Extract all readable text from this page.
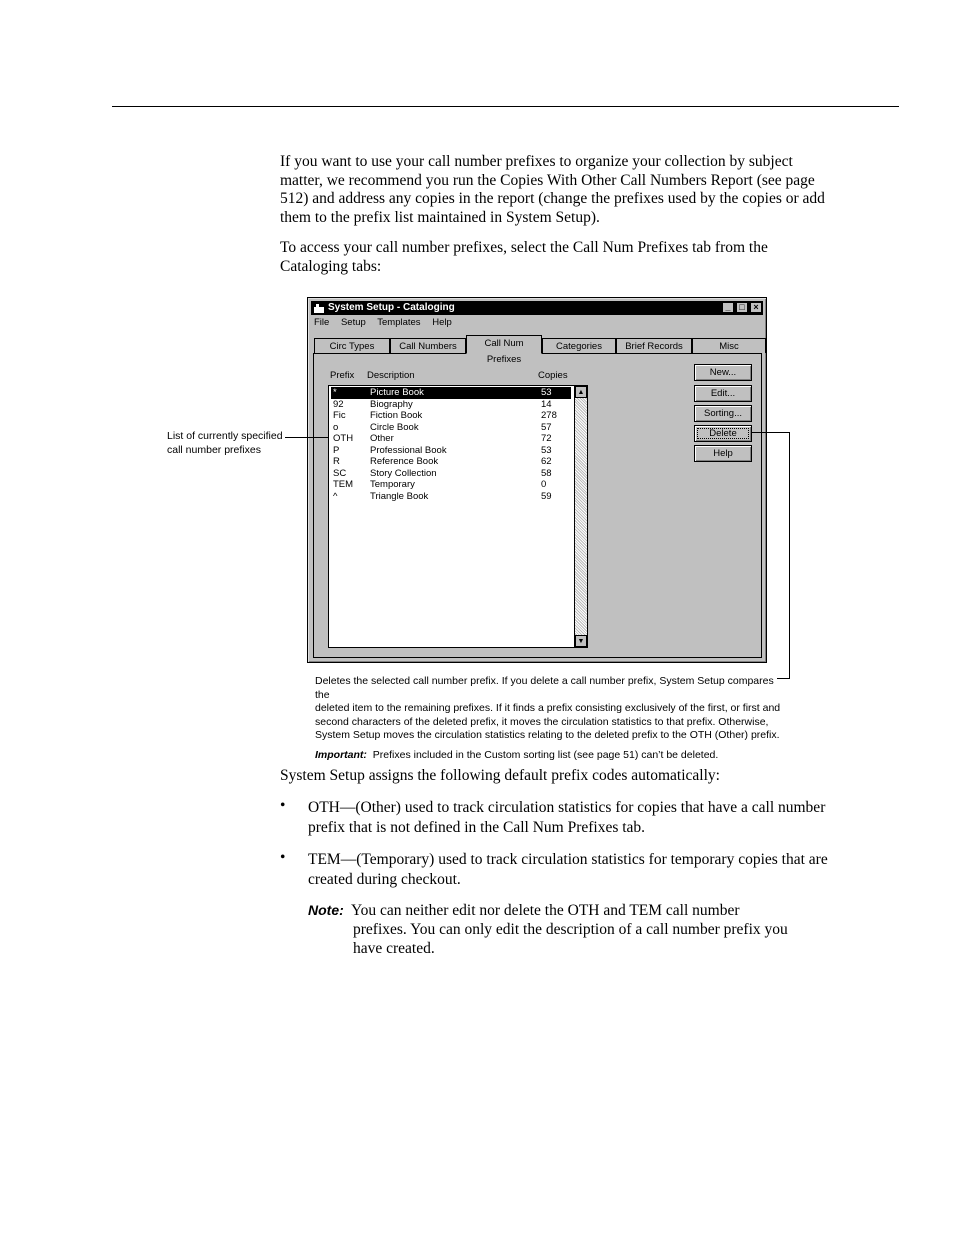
If you want to use your call number prefixes to organize your collection by subject matter, we recommend you run the Copies With Other Call Numbers Report (see page 512) and address any copies in the report (change the prefixes used by the copies or add them to the prefix list maintained in System Setup).

To access your call number prefixes, select the Call Num Prefixes tab from the Cataloging tabs:

System Setup - Cataloging	_ □ ×
File Setup Templates Help
Circ Types	Call Numbers	Call Num Prefixes
Categories	Brief Records	Misc
Prefix Description	Copies
*	Picture Book	53
92	Biography	14
Fic	Fiction Book	278
o	Circle Book	57
OTH Other	72
P	Professional Book	53
R	Reference Book	62
SC	Story Collection	58
TEM Temporary	0
^	Triangle Book	59
▲
▼
New...
Edit...
Sorting...
Delete
Help
List of currently specified
call number prefixes
Deletes the selected call number prefix. If you delete a call number prefix, System Setup compares the
deleted item to the remaining prefixes. If it finds a prefix consisting exclusively of the first, or first and
second characters of the deleted prefix, it moves the circulation statistics to that prefix. Otherwise,
System Setup moves the circulation statistics relating to the deleted prefix to the OTH (Other) prefix.
Important: Prefixes included in the Custom sorting list (see page 51) can’t be deleted.

System Setup assigns the following default prefix codes automatically:

• OTH—(Other) used to track circulation statistics for copies that have a call number prefix that is not defined in the Call Num Prefixes tab.

• TEM—(Temporary) used to track circulation statistics for temporary copies that are created during checkout.

Note: You can neither edit nor delete the OTH and TEM call number
prefixes. You can only edit the description of a call number prefix you
have created.
